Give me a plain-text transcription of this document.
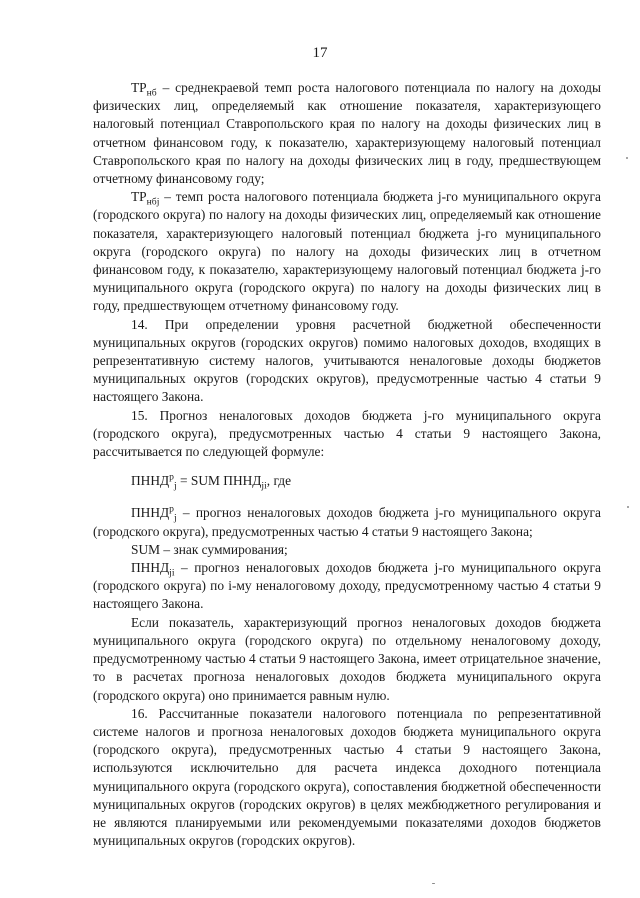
17

$ТР_{нб}$ – среднекраевой темп роста налогового потенциала по налогу на доходы физических лиц, определяемый как отношение показателя, характеризующего налоговый потенциал Ставропольского края по налогу на доходы физических лиц в отчетном финансовом году, к показателю, характеризующему налоговый потенциал Ставропольского края по налогу на доходы физических лиц в году, предшествующем отчетному финансовому году;

$ТР_{нбj}$ – темп роста налогового потенциала бюджета j-го муниципального округа (городского округа) по налогу на доходы физических лиц, определяемый как отношение показателя, характеризующего налоговый потенциал бюджета j-го муниципального округа (городского округа) по налогу на доходы физических лиц в отчетном финансовом году, к показателю, характеризующему налоговый потенциал бюджета j-го муниципального округа (городского округа) по налогу на доходы физических лиц в году, предшествующем отчетному финансовому году.

14. При определении уровня расчетной бюджетной обеспеченности муниципальных округов (городских округов) помимо налоговых доходов, входящих в репрезентативную систему налогов, учитываются неналоговые доходы бюджетов муниципальных округов (городских округов), предусмотренные частью 4 статьи 9 настоящего Закона.

15. Прогноз неналоговых доходов бюджета j-го муниципального округа (городского округа), предусмотренных частью 4 статьи 9 настоящего Закона, рассчитывается по следующей формуле:

$ПННД^р_j$ = SUM $ПННД_{ji}$, где

$ПННД^р_j$ – прогноз неналоговых доходов бюджета j-го муниципального округа (городского округа), предусмотренных частью 4 статьи 9 настоящего Закона;

SUM – знак суммирования;

$ПННД_{ji}$ – прогноз неналоговых доходов бюджета j-го муниципального округа (городского округа) по i-му неналоговому доходу, предусмотренному частью 4 статьи 9 настоящего Закона.

Если показатель, характеризующий прогноз неналоговых доходов бюджета муниципального округа (городского округа) по отдельному неналоговому доходу, предусмотренному частью 4 статьи 9 настоящего Закона, имеет отрицательное значение, то в расчетах прогноза неналоговых доходов бюджета муниципального округа (городского округа) оно принимается равным нулю.

16. Рассчитанные показатели налогового потенциала по репрезентативной системе налогов и прогноза неналоговых доходов бюджета муниципального округа (городского округа), предусмотренных частью 4 статьи 9 настоящего Закона, используются исключительно для расчета индекса доходного потенциала муниципального округа (городского округа), сопоставления бюджетной обеспеченности муниципальных округов (городских округов) в целях межбюджетного регулирования и не являются планируемыми или рекомендуемыми показателями доходов бюджетов муниципальных округов (городских округов).
